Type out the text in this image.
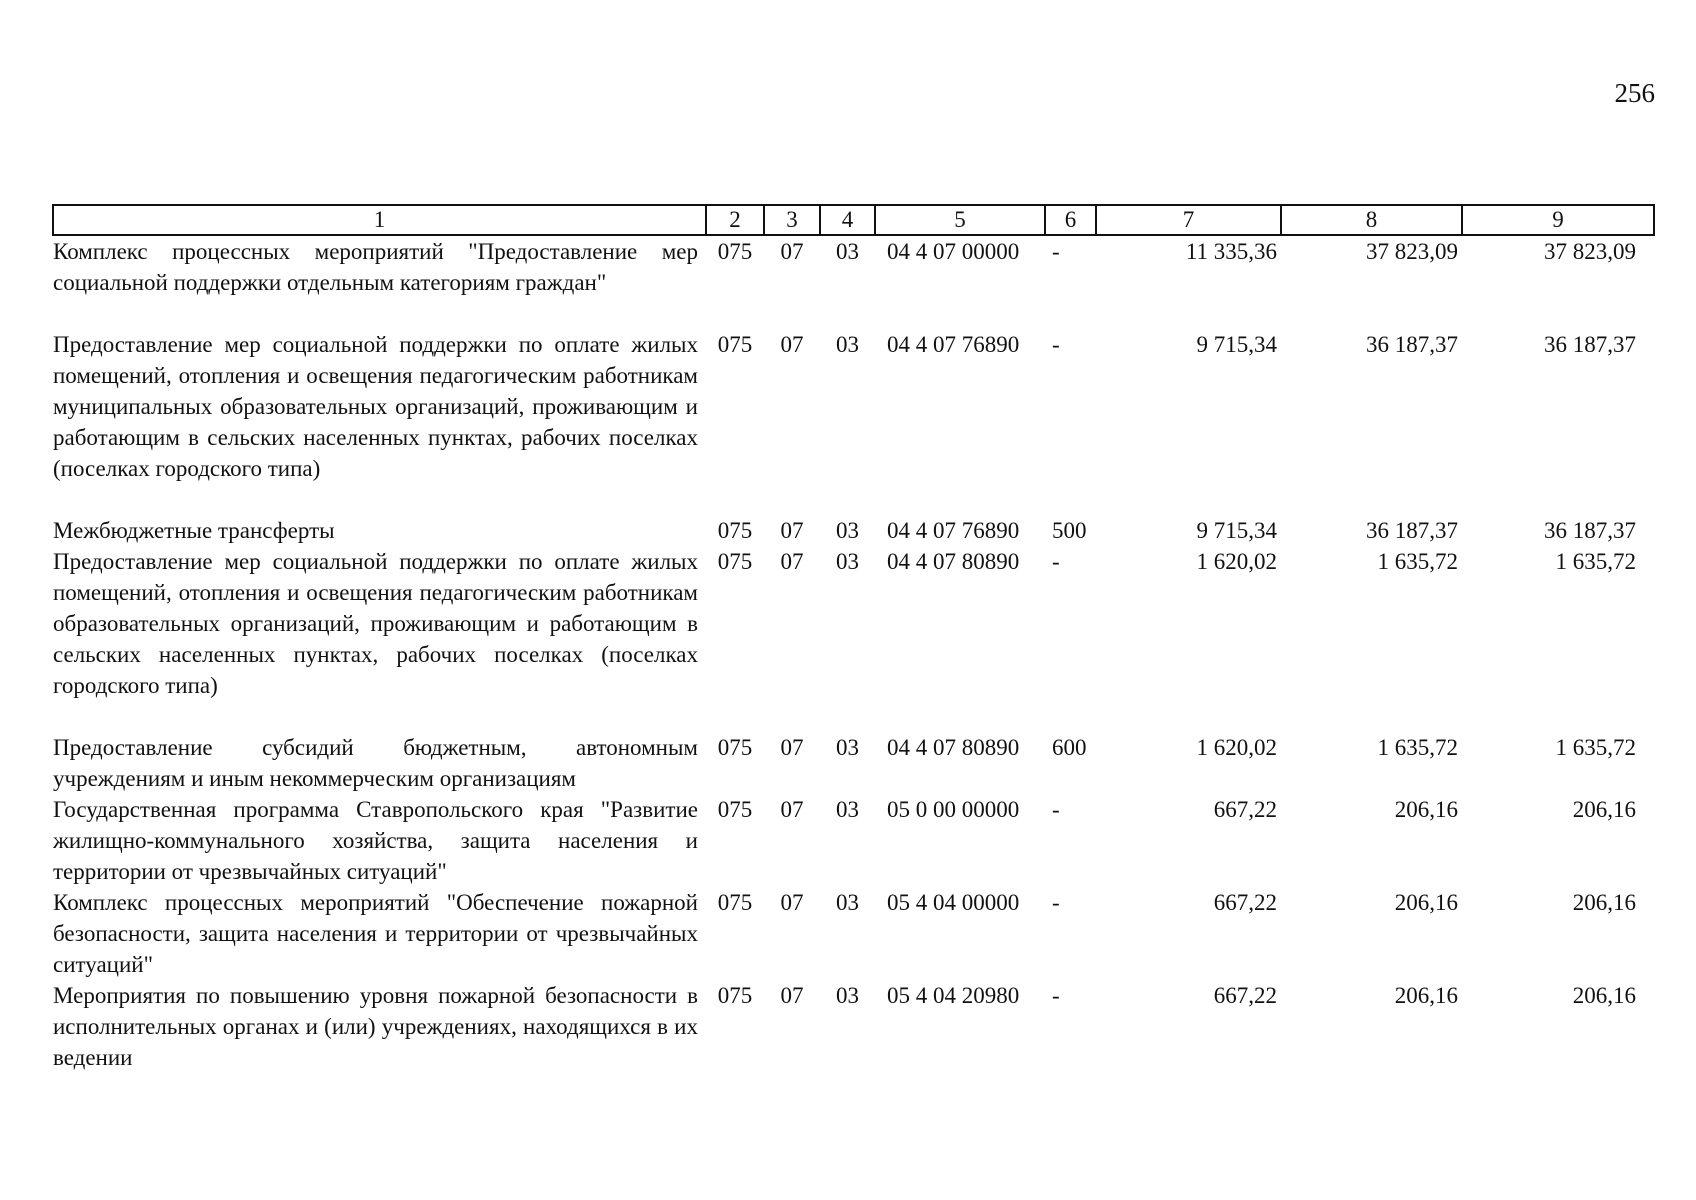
256
1	2	3	4	5	6	7	8	9
Комплекс процессных мероприятий "Предоставление мер социальной поддержки отдельным категориям граждан"	075	07	03	04 4 07 00000	-	11 335,36	37 823,09	37 823,09
Предоставление мер социальной поддержки по оплате жилых помещений, отопления и освещения педагогическим работникам муниципальных образовательных организаций, проживающим и работающим в сельских населенных пунктах, рабочих поселках (поселках городского типа)	075	07	03	04 4 07 76890	-	9 715,34	36 187,37	36 187,37
Межбюджетные трансферты	075	07	03	04 4 07 76890	500	9 715,34	36 187,37	36 187,37
Предоставление мер социальной поддержки по оплате жилых помещений, отопления и освещения педагогическим работникам образовательных организаций, проживающим и работающим в сельских населенных пунктах, рабочих поселках (поселках городского типа)	075	07	03	04 4 07 80890	-	1 620,02	1 635,72	1 635,72
Предоставление субсидий бюджетным, автономным учреждениям и иным некоммерческим организациям	075	07	03	04 4 07 80890	600	1 620,02	1 635,72	1 635,72
Государственная программа Ставропольского края "Развитие жилищно-коммунального хозяйства, защита населения и территории от чрезвычайных ситуаций"	075	07	03	05 0 00 00000	-	667,22	206,16	206,16
Комплекс процессных мероприятий "Обеспечение пожарной безопасности, защита населения и территории от чрезвычайных ситуаций"	075	07	03	05 4 04 00000	-	667,22	206,16	206,16
Мероприятия по повышению уровня пожарной безопасности в исполнительных органах и (или) учреждениях, находящихся в их ведении	075	07	03	05 4 04 20980	-	667,22	206,16	206,16
